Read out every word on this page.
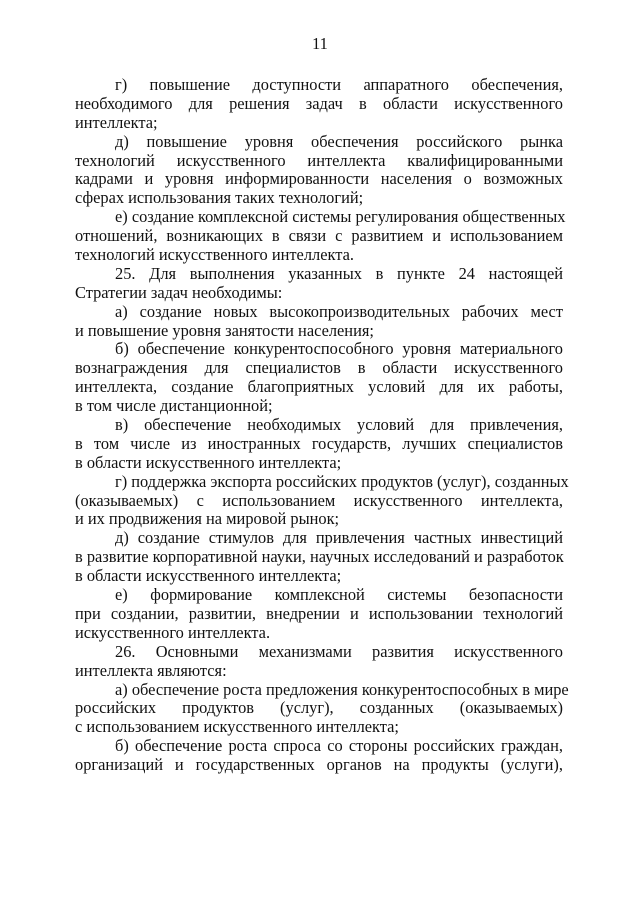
11
г) повышение доступности аппаратного обеспечения,
необходимого для решения задач в области искусственного
интеллекта;
д) повышение уровня обеспечения российского рынка
технологий искусственного интеллекта квалифицированными
кадрами и уровня информированности населения о возможных
сферах использования таких технологий;
е) создание комплексной системы регулирования общественных
отношений, возникающих в связи с развитием и использованием
технологий искусственного интеллекта.
25. Для выполнения указанных в пункте 24 настоящей
Стратегии задач необходимы:
а) создание новых высокопроизводительных рабочих мест
и повышение уровня занятости населения;
б) обеспечение конкурентоспособного уровня материального
вознаграждения для специалистов в области искусственного
интеллекта, создание благоприятных условий для их работы,
в том числе дистанционной;
в) обеспечение необходимых условий для привлечения,
в том числе из иностранных государств, лучших специалистов
в области искусственного интеллекта;
г) поддержка экспорта российских продуктов (услуг), созданных
(оказываемых) с использованием искусственного интеллекта,
и их продвижения на мировой рынок;
д) создание стимулов для привлечения частных инвестиций
в развитие корпоративной науки, научных исследований и разработок
в области искусственного интеллекта;
е) формирование комплексной системы безопасности
при создании, развитии, внедрении и использовании технологий
искусственного интеллекта.
26. Основными механизмами развития искусственного
интеллекта являются:
а) обеспечение роста предложения конкурентоспособных в мире
российских продуктов (услуг), созданных (оказываемых)
с использованием искусственного интеллекта;
б) обеспечение роста спроса со стороны российских граждан,
организаций и государственных органов на продукты (услуги),
